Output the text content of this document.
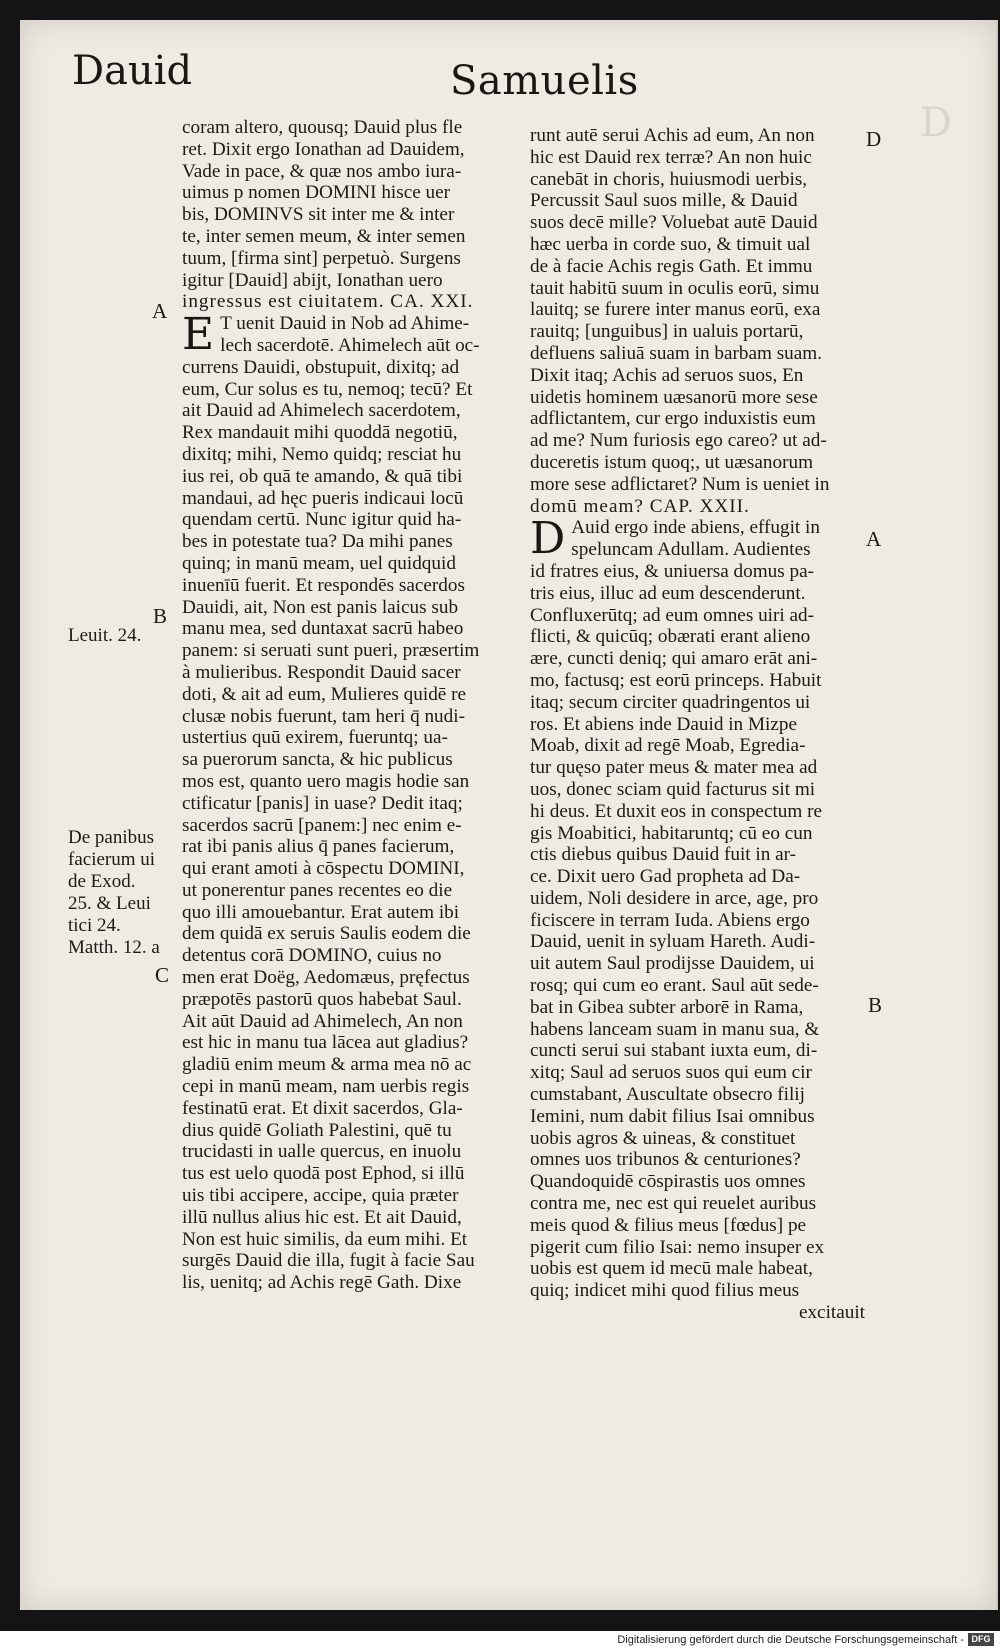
D
Dauid	Samuelis
coram altero, quousq; Dauid plus fle
ret. Dixit ergo Ionathan ad Dauidem,
Vade in pace, & quæ nos ambo iura-
uimus p nomen DOMINI hisce uer
bis, DOMINVS sit inter me & inter
te, inter semen meum, & inter semen
tuum, [firma sint] perpetuò. Surgens
igitur [Dauid] abijt, Ionathan uero
ingressus est ciuitatem. CA. XXI.
E T uenit Dauid in Nob ad Ahime-
lech sacerdotē. Ahimelech aūt oc-
currens Dauidi, obstupuit, dixitq; ad
eum, Cur solus es tu, nemoq; tecū? Et
ait Dauid ad Ahimelech sacerdotem,
Rex mandauit mihi quoddā negotiū,
dixitq; mihi, Nemo quidq; resciat hu
ius rei, ob quā te amando, & quā tibi
mandaui, ad hęc pueris indicaui locū
quendam certū. Nunc igitur quid ha-
bes in potestate tua? Da mihi panes
quinq; in manū meam, uel quidquid
inuenīū fuerit. Et respondēs sacerdos
Dauidi, ait, Non est panis laicus sub
manu mea, sed duntaxat sacrū habeo
panem: si seruati sunt pueri, præsertim
à mulieribus. Respondit Dauid sacer
doti, & ait ad eum, Mulieres quidē re
clusæ nobis fuerunt, tam heri q̄ nudi-
ustertius quū exirem, fueruntq; ua-
sa puerorum sancta, & hic publicus
mos est, quanto uero magis hodie san
ctificatur [panis] in uase? Dedit itaq;
sacerdos sacrū [panem:] nec enim e-
rat ibi panis alius q̄ panes facierum,
qui erant amoti à cōspectu DOMINI,
ut ponerentur panes recentes eo die
quo illi amouebantur. Erat autem ibi
dem quidā ex seruis Saulis eodem die
detentus corā DOMINO, cuius no
men erat Doëg, Aedomæus, pręfectus
præpotēs pastorū quos habebat Saul.
Ait aūt Dauid ad Ahimelech, An non
est hic in manu tua lācea aut gladius?
gladiū enim meum & arma mea nō ac
cepi in manū meam, nam uerbis regis
festinatū erat. Et dixit sacerdos, Gla-
dius quidē Goliath Palestini, quē tu
trucidasti in ualle quercus, en inuolu
tus est uelo quodā post Ephod, si illū
uis tibi accipere, accipe, quia præter
illū nullus alius hic est. Et ait Dauid,
Non est huic similis, da eum mihi. Et
surgēs Dauid die illa, fugit à facie Sau
lis, uenitq; ad Achis regē Gath. Dixe
runt autē serui Achis ad eum, An non
hic est Dauid rex terræ? An non huic
canebāt in choris, huiusmodi uerbis,
Percussit Saul suos mille, & Dauid
suos decē mille? Voluebat autē Dauid
hæc uerba in corde suo, & timuit ual
de à facie Achis regis Gath. Et immu
tauit habitū suum in oculis eorū, simu
lauitq; se furere inter manus eorū, exa
rauitq; [unguibus] in ualuis portarū,
defluens saliuā suam in barbam suam.
Dixit itaq; Achis ad seruos suos, En
uidetis hominem uæsanorū more sese
adflictantem, cur ergo induxistis eum
ad me? Num furiosis ego careo? ut ad-
duceretis istum quoq;, ut uæsanorum
more sese adflictaret? Num is ueniet in
domū meam? CAP. XXII.
D Auid ergo inde abiens, effugit in
speluncam Adullam. Audientes
id fratres eius, & uniuersa domus pa-
tris eius, illuc ad eum descenderunt.
Confluxerūtq; ad eum omnes uiri ad-
flicti, & quicūq; obærati erant alieno
ære, cuncti deniq; qui amaro erāt ani-
mo, factusq; est eorū princeps. Habuit
itaq; secum circiter quadringentos ui
ros. Et abiens inde Dauid in Mizpe
Moab, dixit ad regē Moab, Egredia-
tur quęso pater meus & mater mea ad
uos, donec sciam quid facturus sit mi
hi deus. Et duxit eos in conspectum re
gis Moabitici, habitaruntq; cū eo cun
ctis diebus quibus Dauid fuit in ar-
ce. Dixit uero Gad propheta ad Da-
uidem, Noli desidere in arce, age, pro
ficiscere in terram Iuda. Abiens ergo
Dauid, uenit in syluam Hareth. Audi-
uit autem Saul prodijsse Dauidem, ui
rosq; qui cum eo erant. Saul aūt sede-
bat in Gibea subter arborē in Rama,
habens lanceam suam in manu sua, &
cuncti serui sui stabant iuxta eum, di-
xitq; Saul ad seruos suos qui eum cir
cumstabant, Auscultate obsecro filij
Iemini, num dabit filius Isai omnibus
uobis agros & uineas, & constituet
omnes uos tribunos & centuriones?
Quandoquidē cōspirastis uos omnes
contra me, nec est qui reuelet auribus
meis quod & filius meus [fœdus] pe
pigerit cum filio Isai: nemo insuper ex
uobis est quem id mecū male habeat,
quiq; indicet mihi quod filius meus
excitauit
A
B
C
D
A
B
Leuit. 24.
De panibus
facierum ui
de Exod.
25. & Leui
tici 24.
Matth. 12. a
Digitalisierung gefördert durch die Deutsche Forschungsgemeinschaft - DFG
